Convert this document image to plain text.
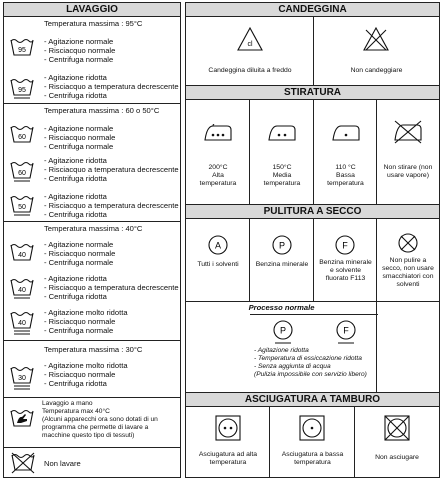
LAVAGGIO
Temperatura massima : 95°C
95
- Agitazione normale
- Risciacquo normale
- Centrifuga normale
95
- Agitazione ridotta
- Risciacquo a temperatura decrescente
- Centrifuga ridotta
Temperatura massima : 60 o 50°C
60
- Agitazione normale
- Risciacquo normale
- Centrifuga normale
60
- Agitazione ridotta
- Risciacquo a temperatura decrescente
- Centrifuga ridotta
50
- Agitazione ridotta
- Risciacquo a temperatura decrescente
- Centrifuga ridotta
Temperatura massima : 40°C
40
- Agitazione normale
- Risciacquo normale
- Centrifuga normale
40
- Agitazione ridotta
- Risciacquo a temperatura decrescente
- Centrifuga ridotta
40
- Agitazione molto ridotta
- Risciacquo normale
- Centrifuga normale
Temperatura massima : 30°C
30
- Agitazione molto ridotta
- Risciacquo normale
- Centrifuga ridotta
Lavaggio a mano
Temperatura max 40°C
(Alcuni apparecchi ora sono dotati di un
programma che permette di lavare a
macchine questo tipo di tessuti)
Non lavare
CANDEGGINA
cl
Candeggina diluita a freddo	Non candeggiare
STIRATURA
200°C
Alta
temperatura
150°C
Media
temperatura
110 °C
Bassa
temperatura
Non stirare (non
usare vapore)
PULITURA A SECCO
A
Tutti i solventi
P
Benzina minerale
F
Benzina minerale
e solvente
fluorato F113
Non pulire a
secco, non usare
smacchiatori con
solventi
Processo normale
P	F
- Agitazione ridotta
- Temperatura di essiccazione ridotta
- Senza aggiunta di acqua
(Pulizia impossibile con servizio libero)
ASCIUGATURA A TAMBURO
Asciugatura ad alta
temperatura
Asciugatura a bassa
temperatura
Non asciugare
